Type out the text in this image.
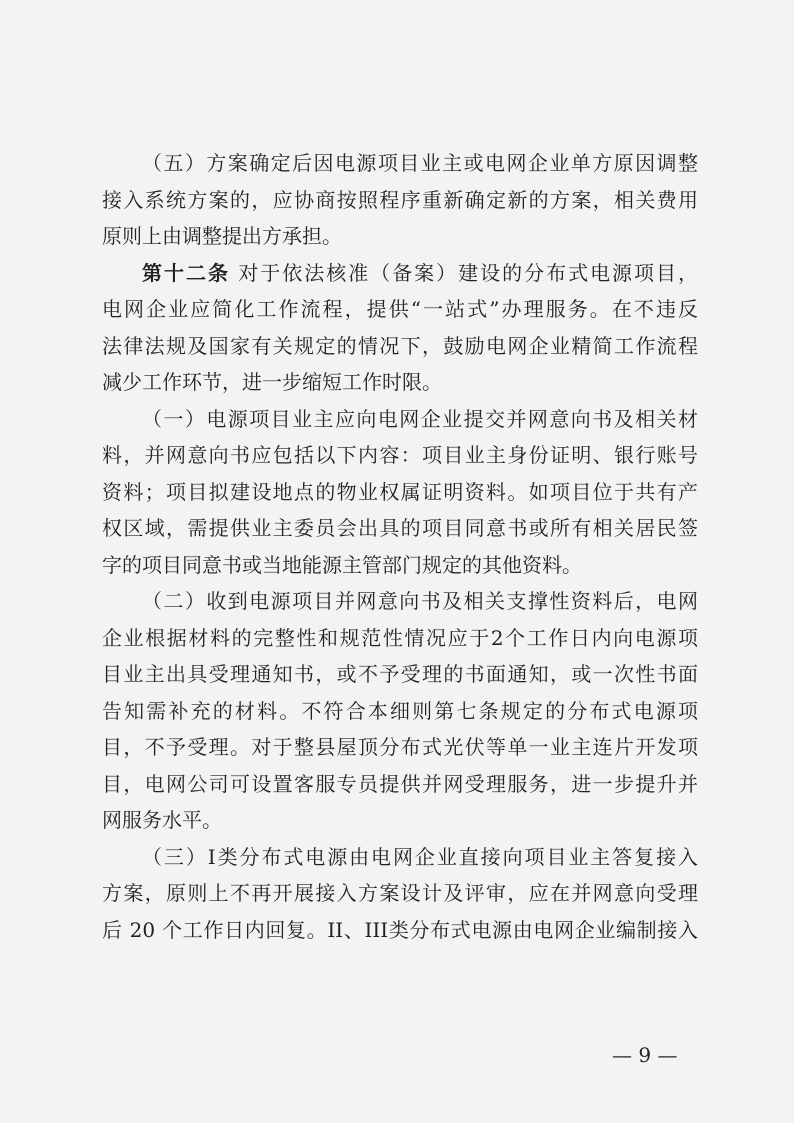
（五）方案确定后因电源项目业主或电网企业单方原因调整
接入系统方案的，应协商按照程序重新确定新的方案，相关费用
原则上由调整提出方承担。
第十二条 对于依法核准（备案）建设的分布式电源项目，
电网企业应简化工作流程，提供“一站式”办理服务。在不违反
法律法规及国家有关规定的情况下，鼓励电网企业精简工作流程
减少工作环节，进一步缩短工作时限。
（一）电源项目业主应向电网企业提交并网意向书及相关材
料，并网意向书应包括以下内容：项目业主身份证明、银行账号
资料；项目拟建设地点的物业权属证明资料。如项目位于共有产
权区域，需提供业主委员会出具的项目同意书或所有相关居民签
字的项目同意书或当地能源主管部门规定的其他资料。
（二）收到电源项目并网意向书及相关支撑性资料后，电网
企业根据材料的完整性和规范性情况应于2个工作日内向电源项
目业主出具受理通知书，或不予受理的书面通知，或一次性书面
告知需补充的材料。不符合本细则第七条规定的分布式电源项
目，不予受理。对于整县屋顶分布式光伏等单一业主连片开发项
目，电网公司可设置客服专员提供并网受理服务，进一步提升并
网服务水平。
（三）I类分布式电源由电网企业直接向项目业主答复接入
方案，原则上不再开展接入方案设计及评审，应在并网意向受理
后 20 个工作日内回复。II、III类分布式电源由电网企业编制接入
— 9 —
